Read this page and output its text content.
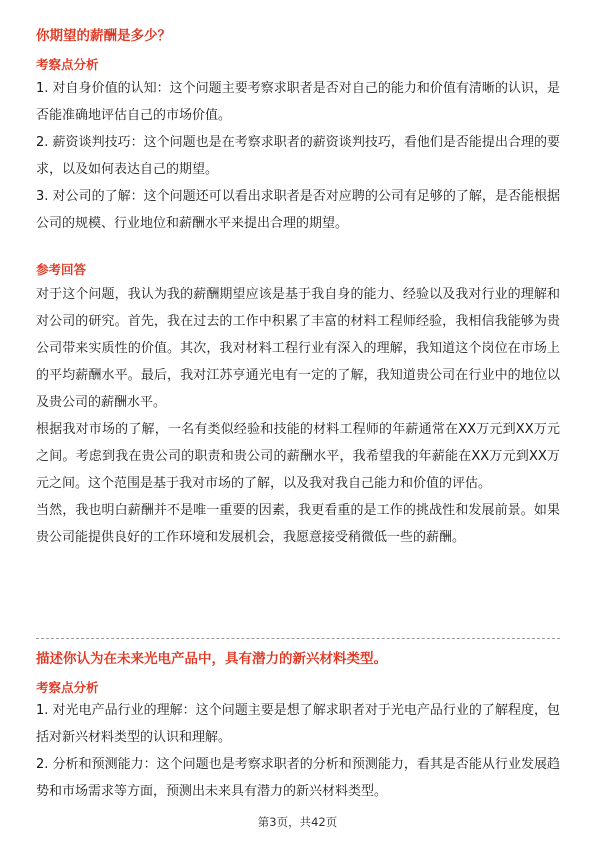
你期望的薪酬是多少？
考察点分析

1. 对自身价值的认知：这个问题主要考察求职者是否对自己的能力和价值有清晰的认识，是否能准确地评估自己的市场价值。

2. 薪资谈判技巧：这个问题也是在考察求职者的薪资谈判技巧，看他们是否能提出合理的要求，以及如何表达自己的期望。

3. 对公司的了解：这个问题还可以看出求职者是否对应聘的公司有足够的了解，是否能根据公司的规模、行业地位和薪酬水平来提出合理的期望。

参考回答

对于这个问题，我认为我的薪酬期望应该是基于我自身的能力、经验以及我对行业的理解和对公司的研究。首先，我在过去的工作中积累了丰富的材料工程师经验，我相信我能够为贵公司带来实质性的价值。其次，我对材料工程行业有深入的理解，我知道这个岗位在市场上的平均薪酬水平。最后，我对江苏亨通光电有一定的了解，我知道贵公司在行业中的地位以及贵公司的薪酬水平。

根据我对市场的了解，一名有类似经验和技能的材料工程师的年薪通常在XX万元到XX万元之间。考虑到我在贵公司的职责和贵公司的薪酬水平，我希望我的年薪能在XX万元到XX万元之间。这个范围是基于我对市场的了解，以及我对我自己能力和价值的评估。

当然，我也明白薪酬并不是唯一重要的因素，我更看重的是工作的挑战性和发展前景。如果贵公司能提供良好的工作环境和发展机会，我愿意接受稍微低一些的薪酬。

描述你认为在未来光电产品中，具有潜力的新兴材料类型。
考察点分析

1. 对光电产品行业的理解：这个问题主要是想了解求职者对于光电产品行业的了解程度，包括对新兴材料类型的认识和理解。

2. 分析和预测能力：这个问题也是考察求职者的分析和预测能力，看其是否能从行业发展趋势和市场需求等方面，预测出未来具有潜力的新兴材料类型。

第3页，共42页
